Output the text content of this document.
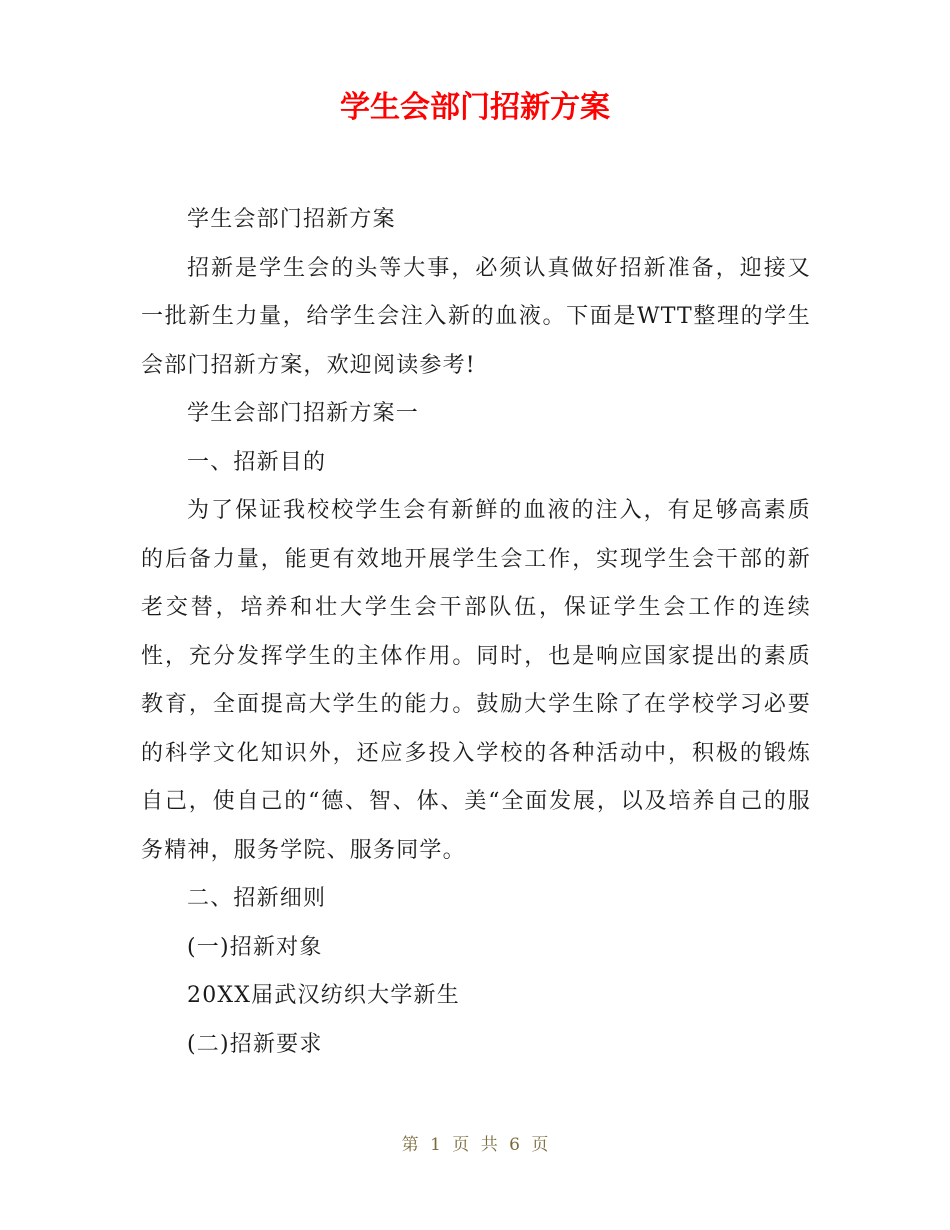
学生会部门招新方案

学生会部门招新方案

招新是学生会的头等大事，必须认真做好招新准备，迎接又一批新生力量，给学生会注入新的血液。下面是WTT整理的学生会部门招新方案，欢迎阅读参考!

学生会部门招新方案一

一、招新目的

为了保证我校校学生会有新鲜的血液的注入，有足够高素质的后备力量，能更有效地开展学生会工作，实现学生会干部的新老交替，培养和壮大学生会干部队伍，保证学生会工作的连续性，充分发挥学生的主体作用。同时，也是响应国家提出的素质教育，全面提高大学生的能力。鼓励大学生除了在学校学习必要的科学文化知识外，还应多投入学校的各种活动中，积极的锻炼自己，使自己的“德、智、体、美“全面发展，以及培养自己的服务精神，服务学院、服务同学。

二、招新细则

(一)招新对象

20XX届武汉纺织大学新生

(二)招新要求

第 1 页 共 6 页
